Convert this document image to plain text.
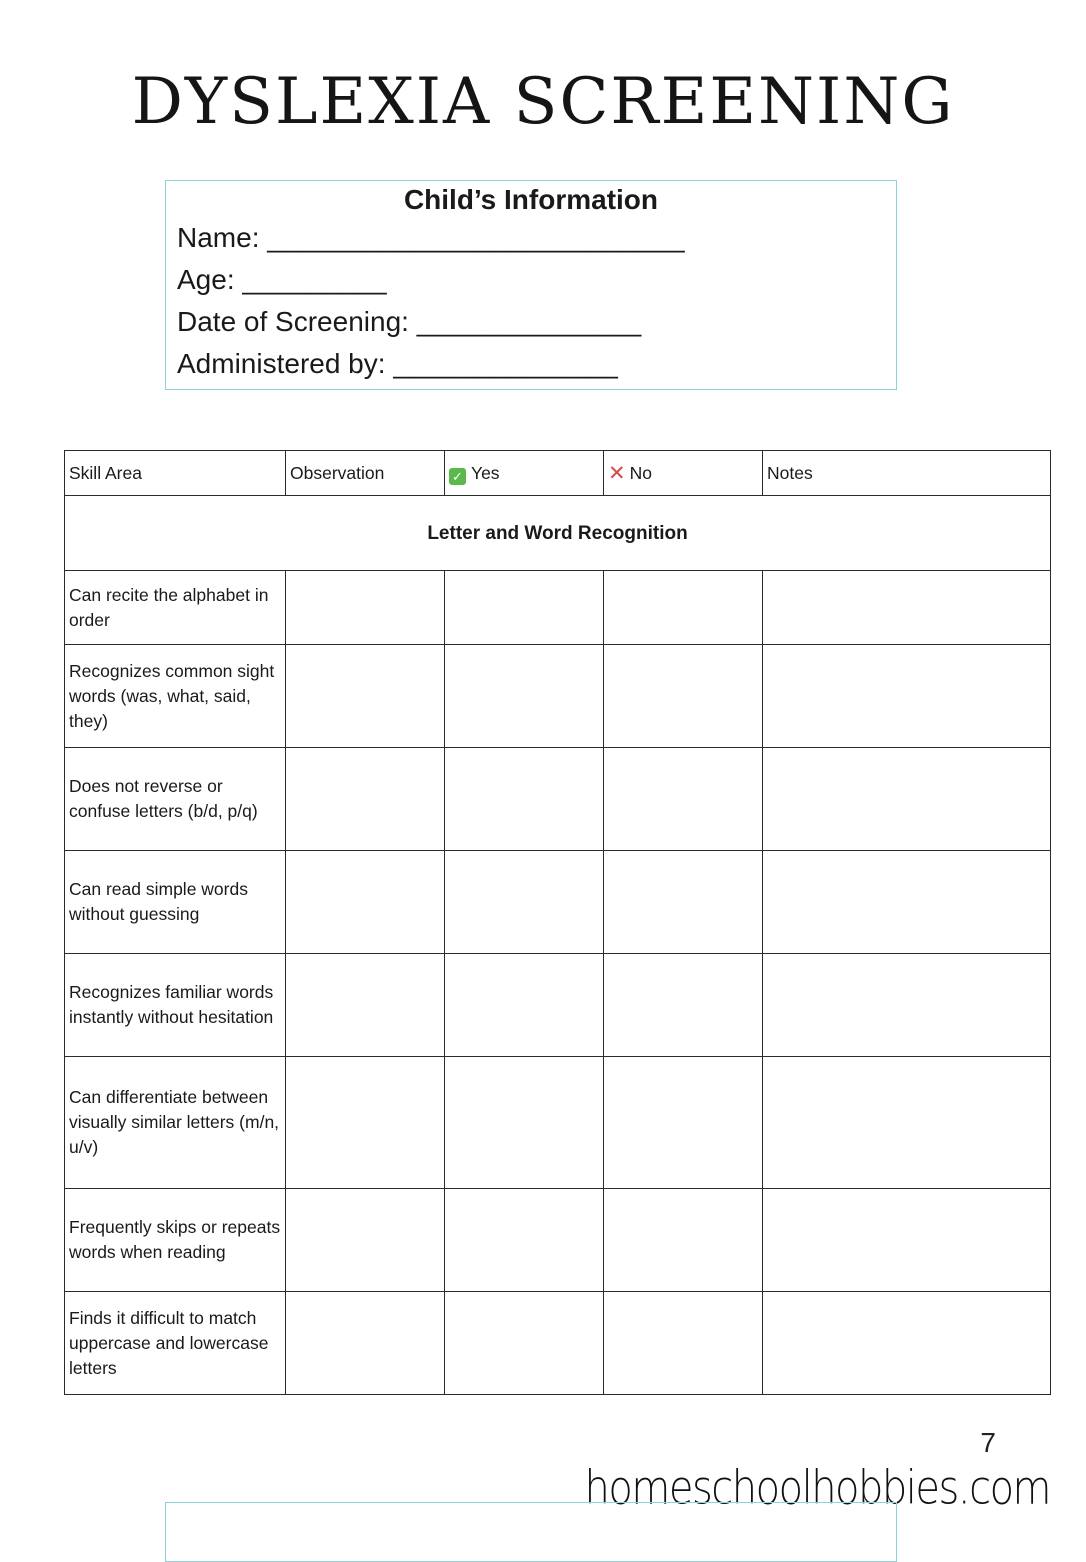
DYSLEXIA SCREENING
Child’s Information
Name: __________________________
Age: _________
Date of Screening: ______________
Administered by: ______________
Skill Area	Observation	✓ Yes	✕ No	Notes
Letter and Word Recognition				
Can recite the alphabet in order				
Recognizes common sight words (was, what, said, they)				
Does not reverse or confuse letters (b/d, p/q)				
Can read simple words without guessing				
Recognizes familiar words instantly without hesitation				
Can differentiate between visually similar letters (m/n, u/v)				
Frequently skips or repeats words when reading				
Finds it difficult to match uppercase and lowercase letters				
7
homeschoolhobbies.com
